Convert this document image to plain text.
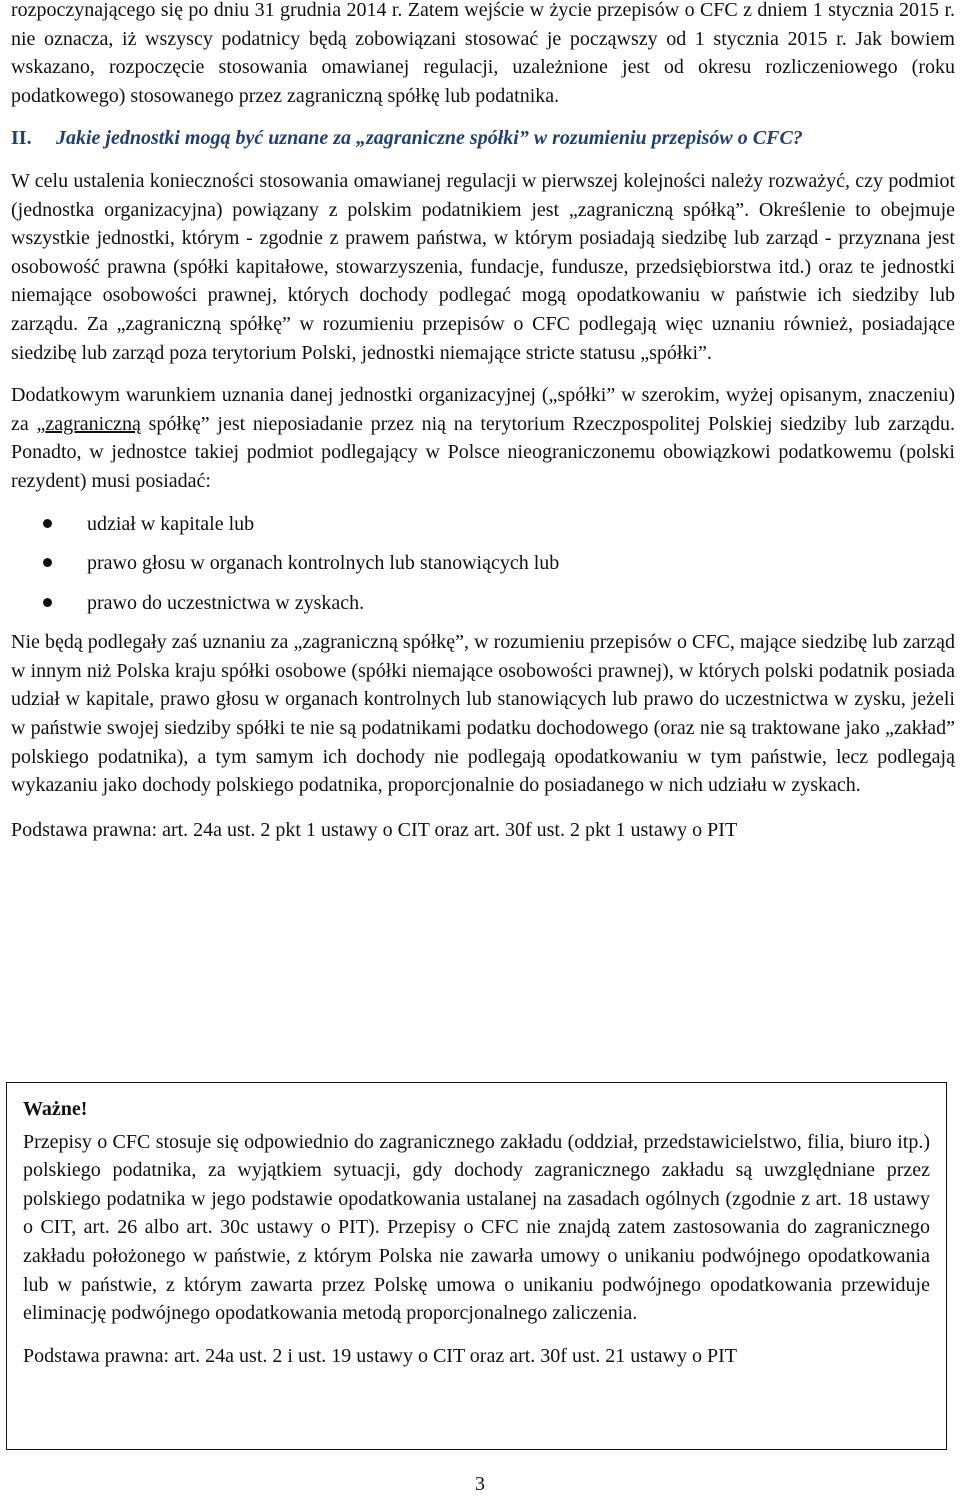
rozpoczynającego się po dniu 31 grudnia 2014 r. Zatem wejście w życie przepisów o CFC z dniem 1 stycznia 2015 r. nie oznacza, iż wszyscy podatnicy będą zobowiązani stosować je począwszy od 1 stycznia 2015 r. Jak bowiem wskazano, rozpoczęcie stosowania omawianej regulacji, uzależnione jest od okresu rozliczeniowego (roku podatkowego) stosowanego przez zagraniczną spółkę lub podatnika.

II.	Jakie jednostki mogą być uznane za „zagraniczne spółki” w rozumieniu przepisów o CFC?

W celu ustalenia konieczności stosowania omawianej regulacji w pierwszej kolejności należy rozważyć, czy podmiot (jednostka organizacyjna) powiązany z polskim podatnikiem jest „zagraniczną spółką”. Określenie to obejmuje wszystkie jednostki, którym - zgodnie z prawem państwa, w którym posiadają siedzibę lub zarząd - przyznana jest osobowość prawna (spółki kapitałowe, stowarzyszenia, fundacje, fundusze, przedsiębiorstwa itd.) oraz te jednostki niemające osobowości prawnej, których dochody podlegać mogą opodatkowaniu w państwie ich siedziby lub zarządu. Za „zagraniczną spółkę” w rozumieniu przepisów o CFC podlegają więc uznaniu również, posiadające siedzibę lub zarząd poza terytorium Polski, jednostki niemające stricte statusu „spółki”.

Dodatkowym warunkiem uznania danej jednostki organizacyjnej („spółki” w szerokim, wyżej opisanym, znaczeniu) za „zagraniczną spółkę” jest nieposiadanie przez nią na terytorium Rzeczpospolitej Polskiej siedziby lub zarządu. Ponadto, w jednostce takiej podmiot podlegający w Polsce nieograniczonemu obowiązkowi podatkowemu (polski rezydent) musi posiadać:

udział w kapitale lub
prawo głosu w organach kontrolnych lub stanowiących lub
prawo do uczestnictwa w zyskach.

Nie będą podlegały zaś uznaniu za „zagraniczną spółkę”, w rozumieniu przepisów o CFC, mające siedzibę lub zarząd w innym niż Polska kraju spółki osobowe (spółki niemające osobowości prawnej), w których polski podatnik posiada udział w kapitale, prawo głosu w organach kontrolnych lub stanowiących lub prawo do uczestnictwa w zysku, jeżeli w państwie swojej siedziby spółki te nie są podatnikami podatku dochodowego (oraz nie są traktowane jako „zakład” polskiego podatnika), a tym samym ich dochody nie podlegają opodatkowaniu w tym państwie, lecz podlegają wykazaniu jako dochody polskiego podatnika, proporcjonalnie do posiadanego w nich udziału w zyskach.

Podstawa prawna: art. 24a ust. 2 pkt 1 ustawy o CIT oraz art. 30f ust. 2 pkt 1 ustawy o PIT

Ważne!

Przepisy o CFC stosuje się odpowiednio do zagranicznego zakładu (oddział, przedstawicielstwo, filia, biuro itp.) polskiego podatnika, za wyjątkiem sytuacji, gdy dochody zagranicznego zakładu są uwzględniane przez polskiego podatnika w jego podstawie opodatkowania ustalanej na zasadach ogólnych (zgodnie z art. 18 ustawy o CIT, art. 26 albo art. 30c ustawy o PIT). Przepisy o CFC nie znajdą zatem zastosowania do zagranicznego zakładu położonego w państwie, z którym Polska nie zawarła umowy o unikaniu podwójnego opodatkowania lub w państwie, z którym zawarta przez Polskę umowa o unikaniu podwójnego opodatkowania przewiduje eliminację podwójnego opodatkowania metodą proporcjonalnego zaliczenia.

Podstawa prawna: art. 24a ust. 2 i ust. 19 ustawy o CIT oraz art. 30f ust. 21 ustawy o PIT

3
